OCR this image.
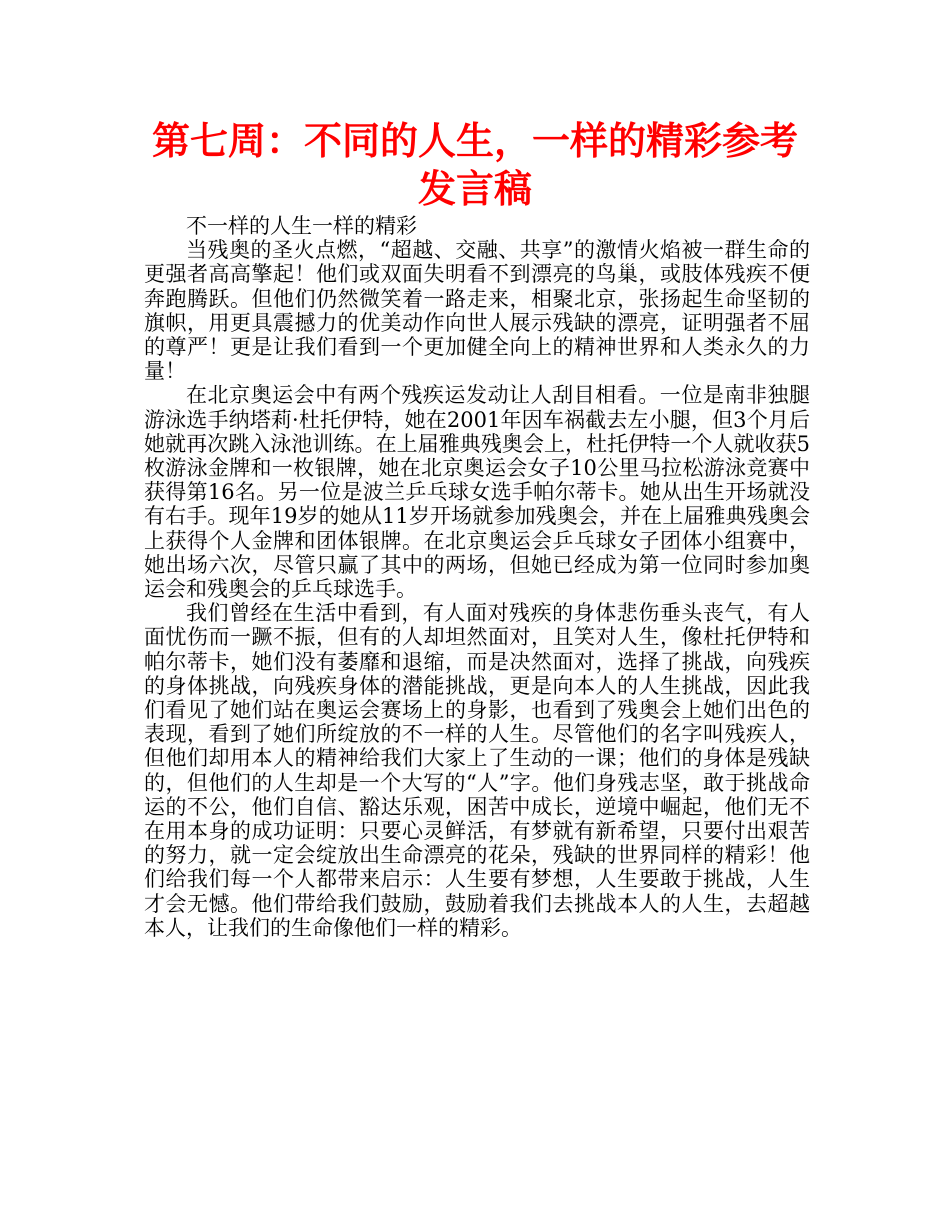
第七周：不同的人生，一样的精彩参考发言稿

不一样的人生一样的精彩

当残奥的圣火点燃，“超越、交融、共享”的激情火焰被一群生命的更强者高高擎起！他们或双面失明看不到漂亮的鸟巢，或肢体残疾不便奔跑腾跃。但他们仍然微笑着一路走来，相聚北京，张扬起生命坚韧的旗帜，用更具震撼力的优美动作向世人展示残缺的漂亮，证明强者不屈的尊严！更是让我们看到一个更加健全向上的精神世界和人类永久的力量！

在北京奥运会中有两个残疾运发动让人刮目相看。一位是南非独腿游泳选手纳塔莉·杜托伊特，她在2001年因车祸截去左小腿，但3个月后她就再次跳入泳池训练。在上届雅典残奥会上，杜托伊特一个人就收获5枚游泳金牌和一枚银牌，她在北京奥运会女子10公里马拉松游泳竞赛中获得第16名。另一位是波兰乒乓球女选手帕尔蒂卡。她从出生开场就没有右手。现年19岁的她从11岁开场就参加残奥会，并在上届雅典残奥会上获得个人金牌和团体银牌。在北京奥运会乒乓球女子团体小组赛中，她出场六次，尽管只赢了其中的两场，但她已经成为第一位同时参加奥运会和残奥会的乒乓球选手。

我们曾经在生活中看到，有人面对残疾的身体悲伤垂头丧气，有人面忧伤而一蹶不振，但有的人却坦然面对，且笑对人生，像杜托伊特和帕尔蒂卡，她们没有萎靡和退缩，而是决然面对，选择了挑战，向残疾的身体挑战，向残疾身体的潜能挑战，更是向本人的人生挑战，因此我们看见了她们站在奥运会赛场上的身影，也看到了残奥会上她们出色的表现，看到了她们所绽放的不一样的人生。尽管他们的名字叫残疾人，但他们却用本人的精神给我们大家上了生动的一课；他们的身体是残缺的，但他们的人生却是一个大写的“人”字。他们身残志坚，敢于挑战命运的不公，他们自信、豁达乐观，困苦中成长，逆境中崛起，他们无不在用本身的成功证明：只要心灵鲜活，有梦就有新希望，只要付出艰苦的努力，就一定会绽放出生命漂亮的花朵，残缺的世界同样的精彩！他们给我们每一个人都带来启示：人生要有梦想，人生要敢于挑战，人生才会无憾。他们带给我们鼓励，鼓励着我们去挑战本人的人生，去超越本人，让我们的生命像他们一样的精彩。
